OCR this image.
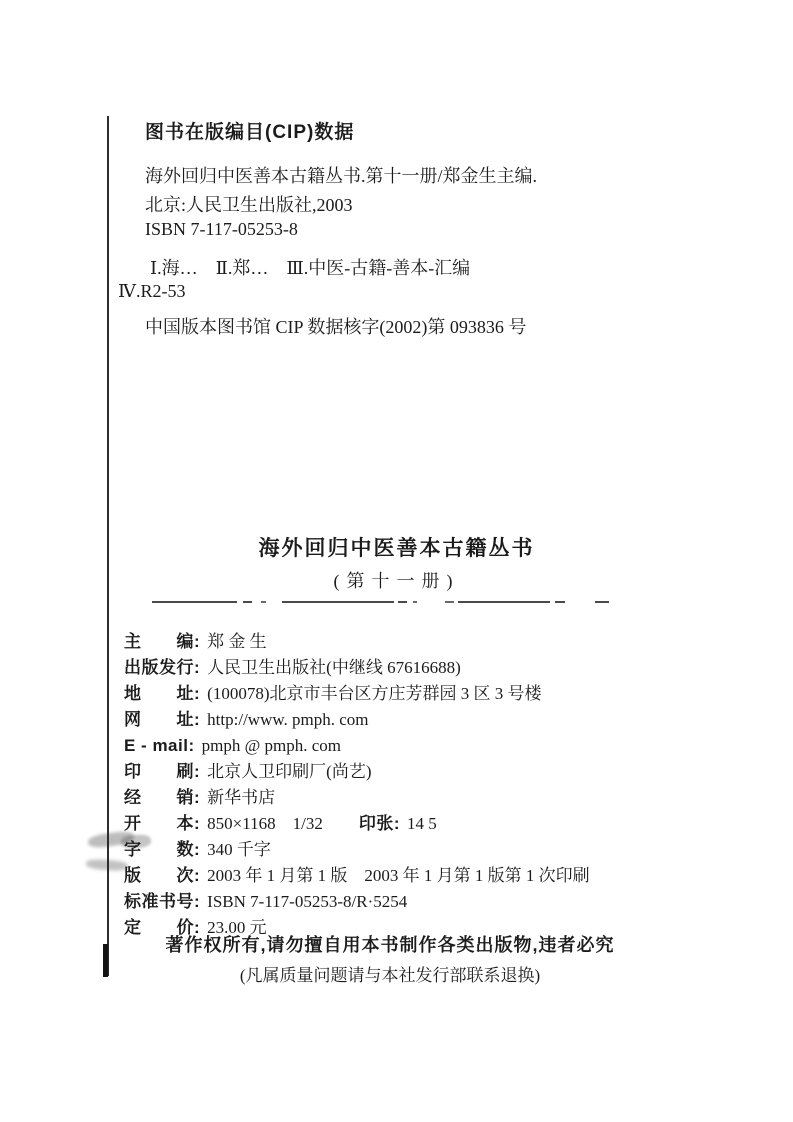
图书在版编目(CIP)数据
海外回归中医善本古籍丛书.第十一册/郑金生主编.
北京:人民卫生出版社,2003
ISBN 7-117-05253-8
Ⅰ.海…　Ⅱ.郑…　Ⅲ.中医-古籍-善本-汇编
Ⅳ.R2-53
中国版本图书馆 CIP 数据核字(2002)第 093836 号
海外回归中医善本古籍丛书
(第十一册)
主　　编: 郑 金 生
出版发行: 人民卫生出版社(中继线 67616688)
地　　址: (100078)北京市丰台区方庄芳群园 3 区 3 号楼
网　　址: http://www. pmph. com
E - mail: pmph @ pmph. com
印　　刷: 北京人卫印刷厂(尚艺)
经　　销: 新华书店
开　　本: 850×1168　1/32 印张: 14 5
字　　数: 340 千字
版　　次: 2003 年 1 月第 1 版　2003 年 1 月第 1 版第 1 次印刷
标准书号: ISBN 7-117-05253-8/R·5254
定　　价: 23.00 元
著作权所有,请勿擅自用本书制作各类出版物,违者必究
(凡属质量问题请与本社发行部联系退换)
